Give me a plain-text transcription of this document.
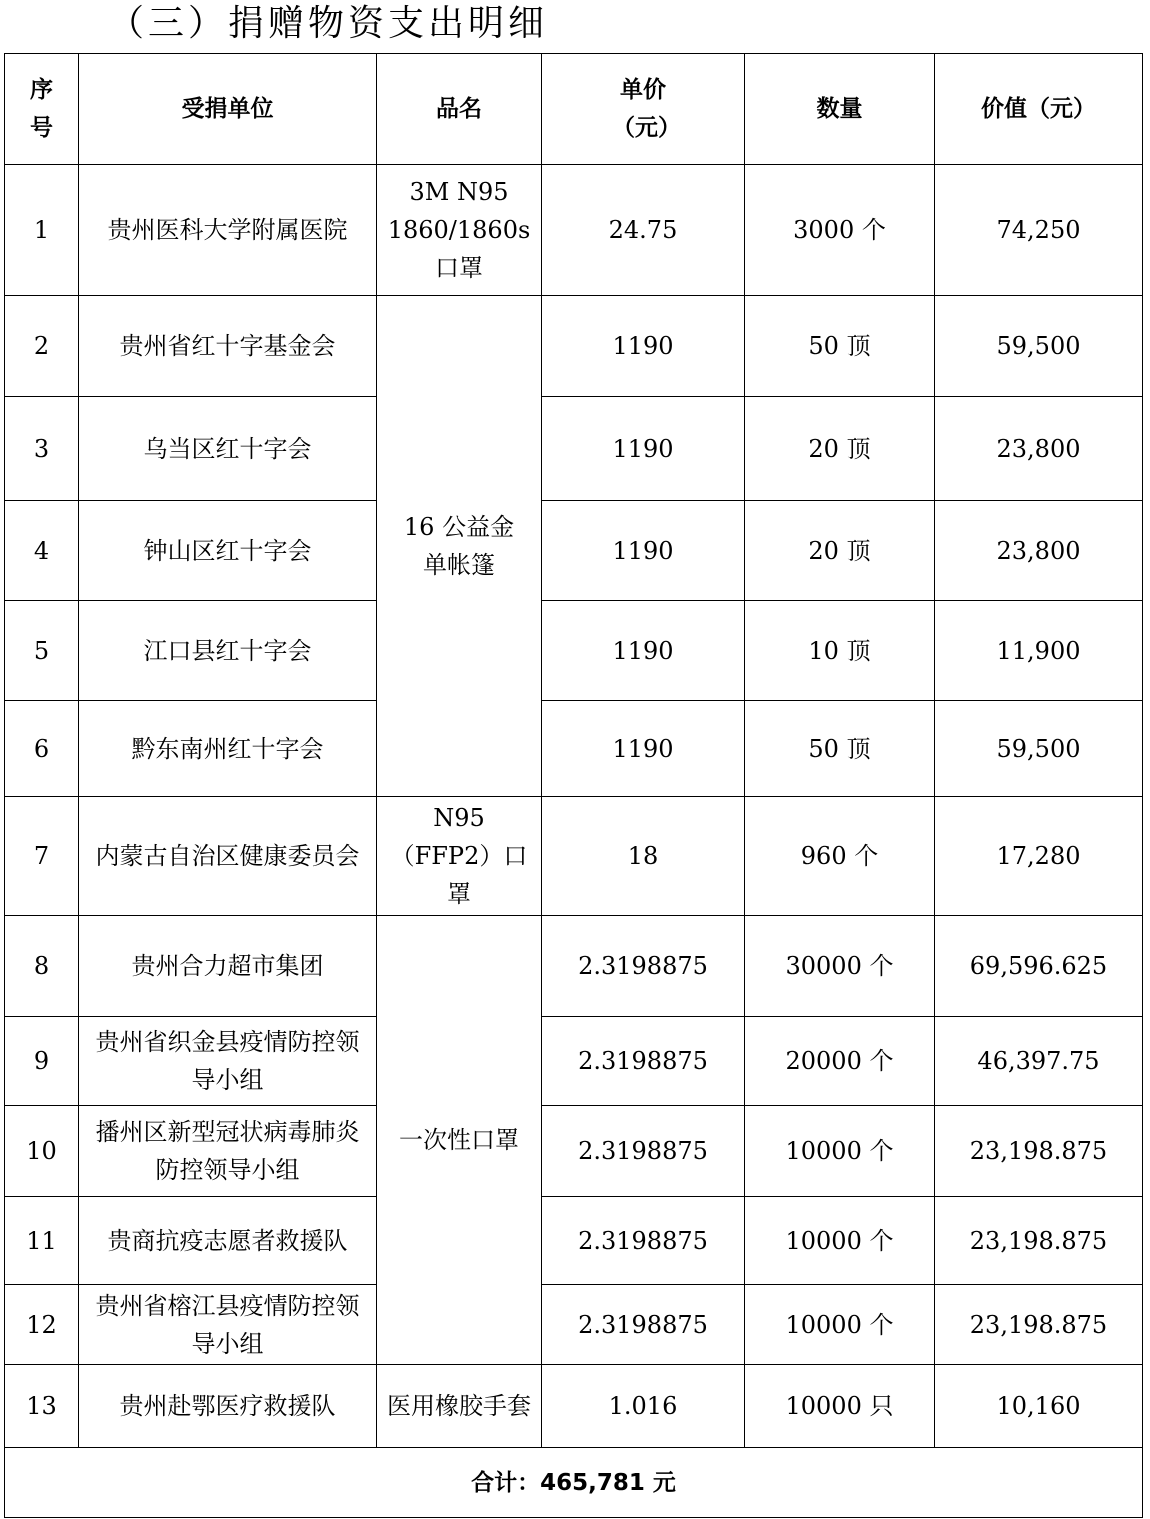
（三）捐赠物资支出明细
序号	受捐单位	品名	单价（元）	数量	价值（元）
1	贵州医科大学附属医院	3M N95 1860/1860s口罩	24.75	3000 个	74,250
2	贵州省红十字基金会	16 公益金单帐篷	1190	50 顶	59,500
3	乌当区红十字会		1190	20 顶	23,800
4	钟山区红十字会		1190	20 顶	23,800
5	江口县红十字会		1190	10 顶	11,900
6	黔东南州红十字会		1190	50 顶	59,500
7	内蒙古自治区健康委员会	N95（FFP2）口罩	18	960 个	17,280
8	贵州合力超市集团	一次性口罩	2.3198875	30000 个	69,596.625
9	贵州省织金县疫情防控领导小组		2.3198875	20000 个	46,397.75
10	播州区新型冠状病毒肺炎防控领导小组		2.3198875	10000 个	23,198.875
11	贵商抗疫志愿者救援队		2.3198875	10000 个	23,198.875
12	贵州省榕江县疫情防控领导小组		2.3198875	10000 个	23,198.875
13	贵州赴鄂医疗救援队	医用橡胶手套	1.016	10000 只	10,160
合计：465,781 元					
